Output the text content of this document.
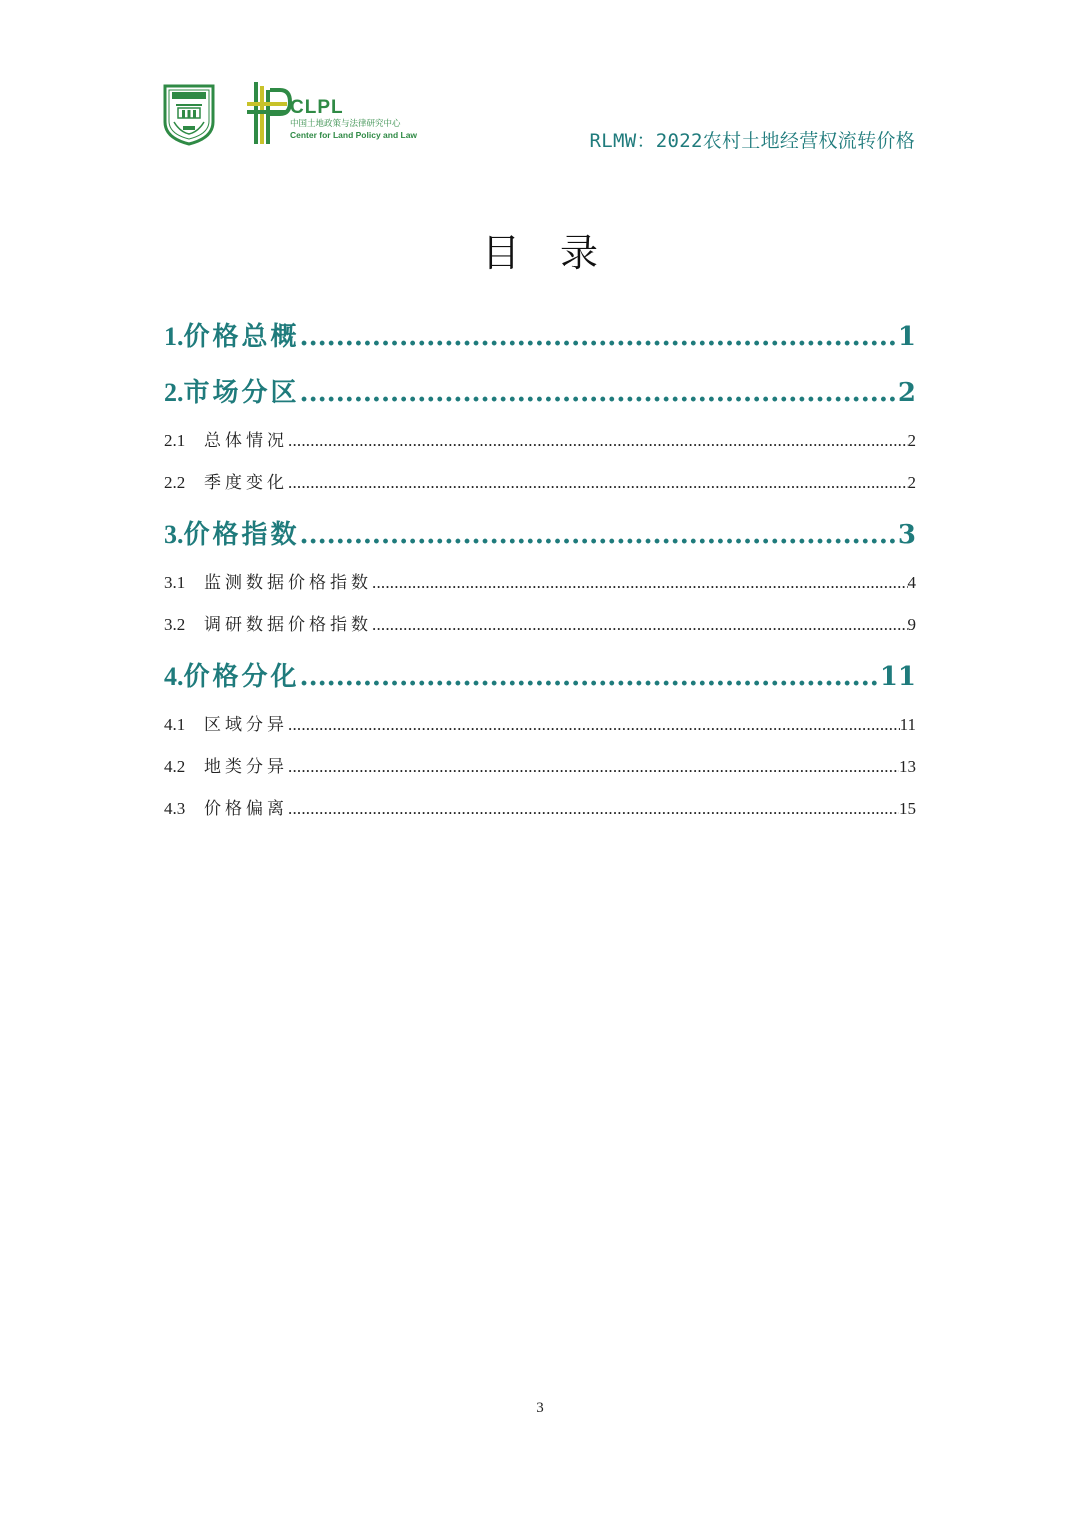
CLPL
中国土地政策与法律研究中心
Center for Land Policy and Law	RLMW：2022农村土地经营权流转价格
目录
1.价格总概 .....	1
2.市场分区 .....	2
2.1 总体情况 .....	2
2.2 季度变化 .....	2
3.价格指数 .....	3
3.1 监测数据价格指数 .....	4
3.2 调研数据价格指数 .....	9
4.价格分化 .....	11
4.1 区域分异 .....	11
4.2 地类分异 .....	13
4.3 价格偏离 .....	15
3
